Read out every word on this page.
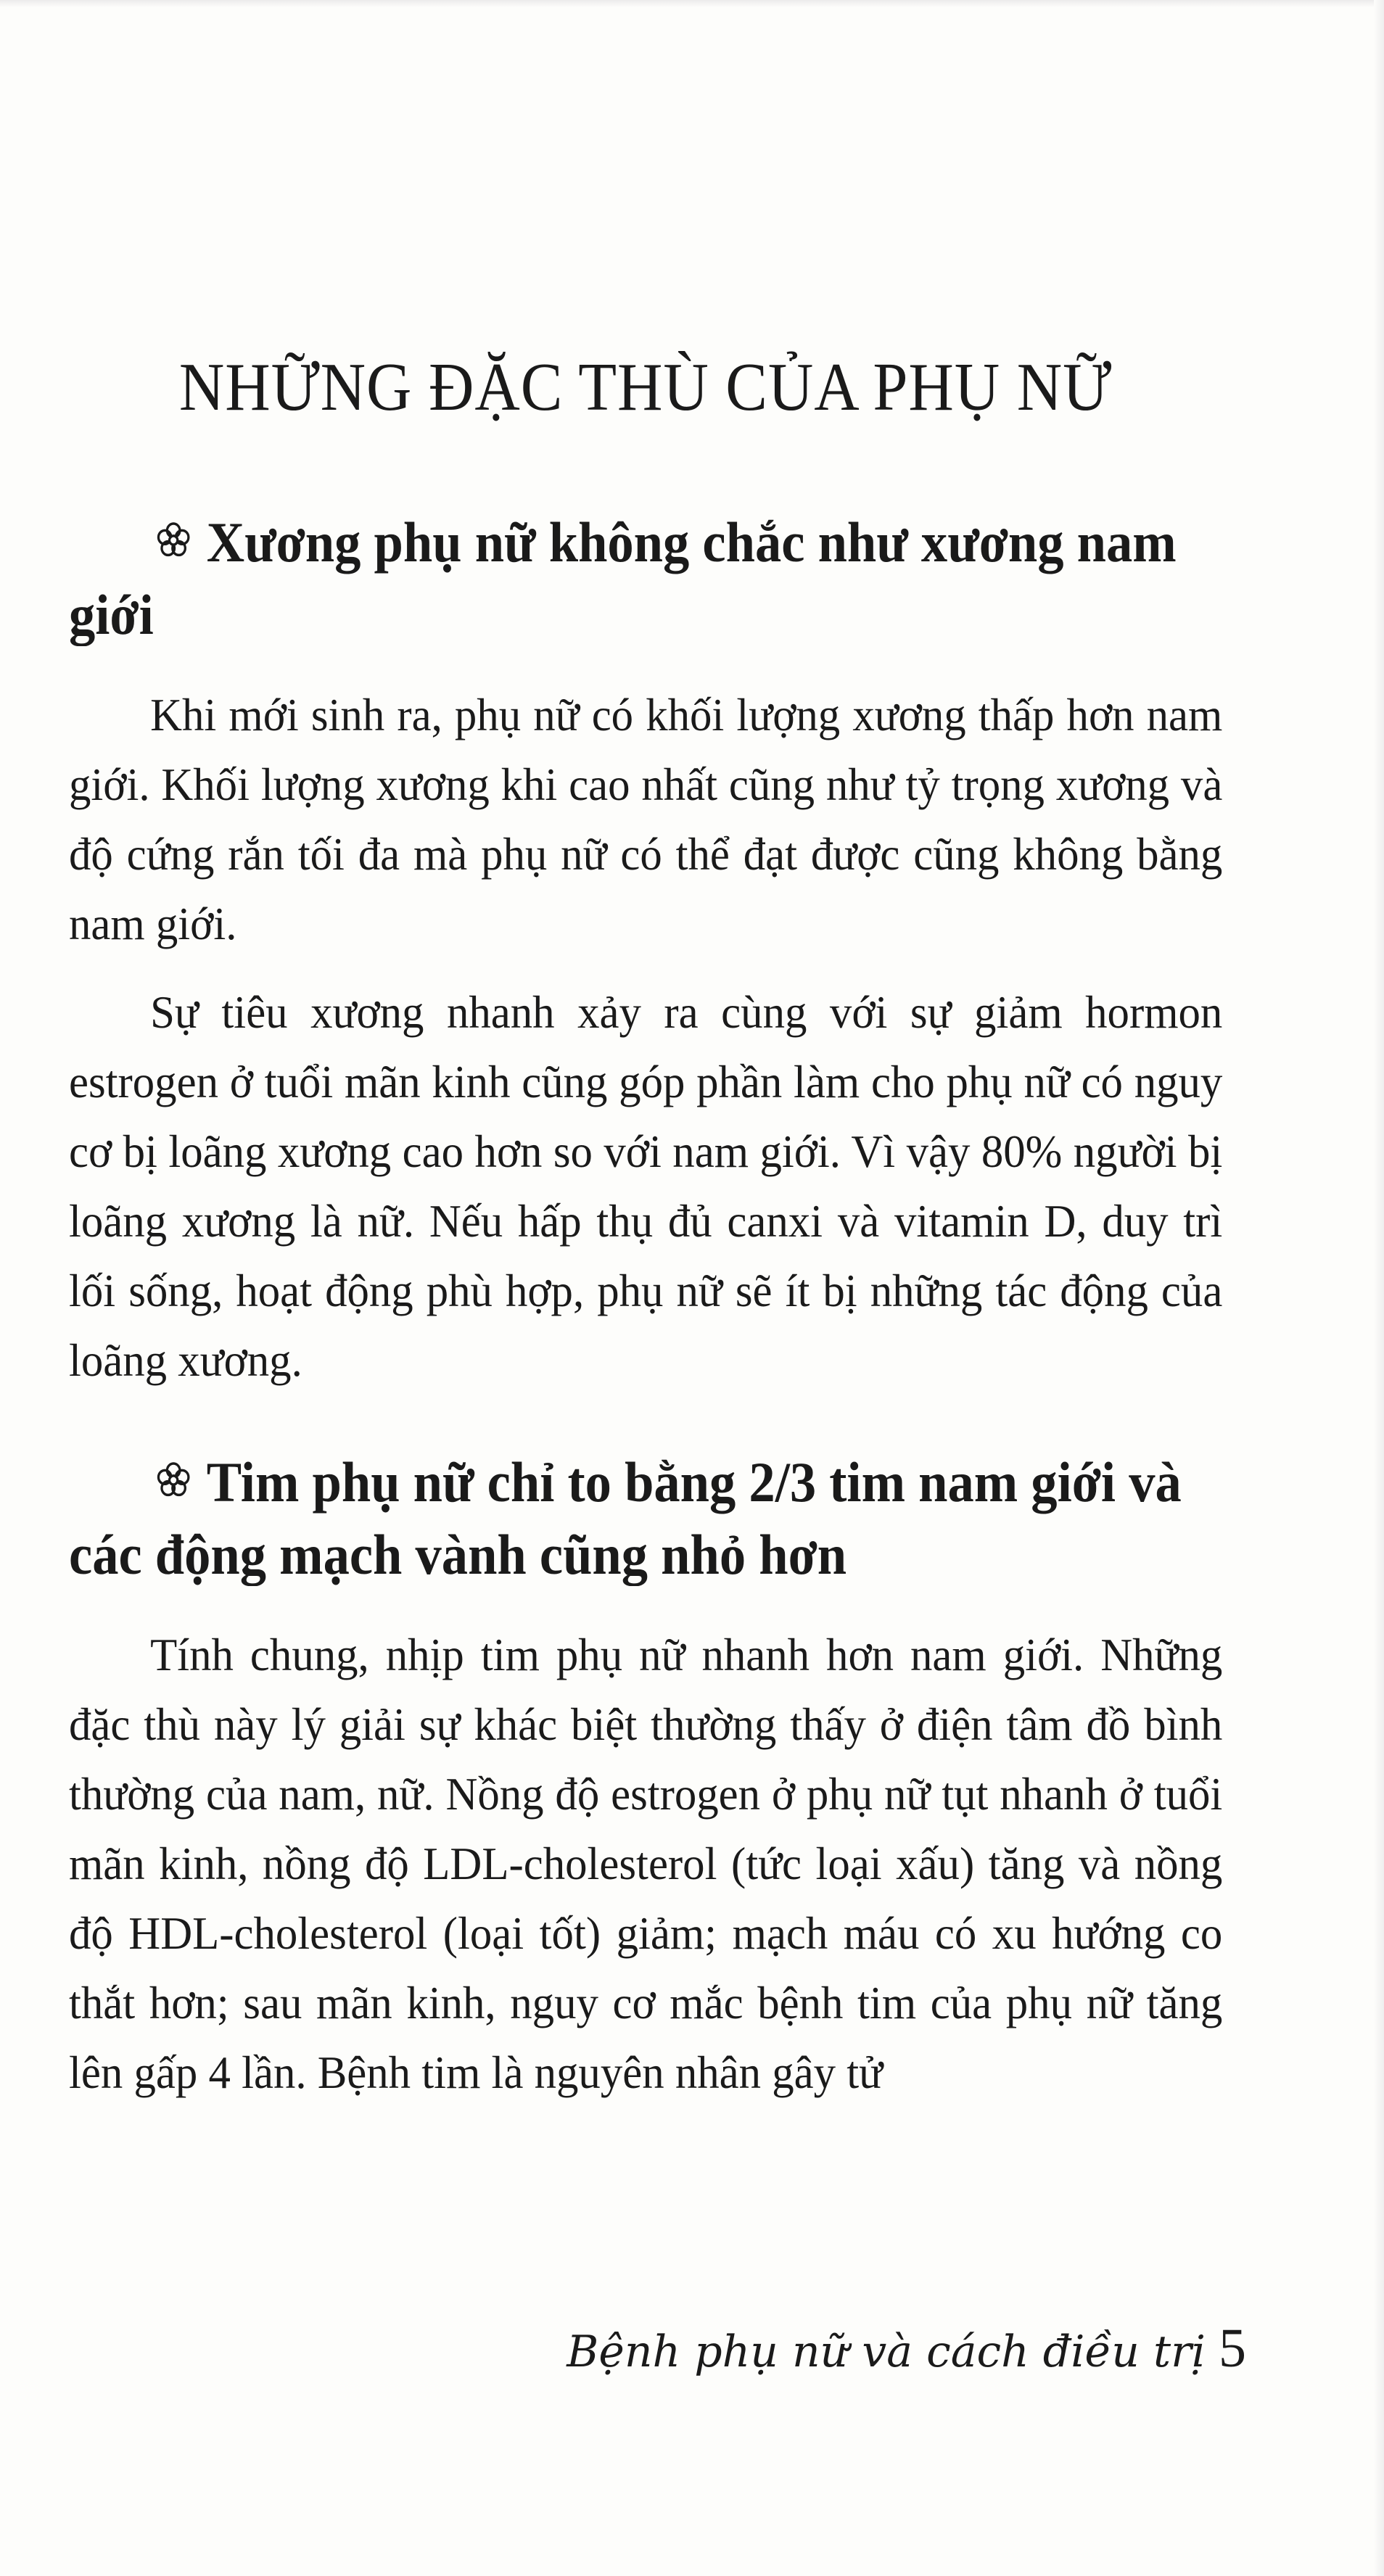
NHỮNG ĐẶC THÙ CỦA PHỤ NỮ
Xương phụ nữ không chắc như xương nam giới

Khi mới sinh ra, phụ nữ có khối lượng xương thấp hơn nam giới. Khối lượng xương khi cao nhất cũng như tỷ trọng xương và độ cứng rắn tối đa mà phụ nữ có thể đạt được cũng không bằng nam giới.

Sự tiêu xương nhanh xảy ra cùng với sự giảm hormon estrogen ở tuổi mãn kinh cũng góp phần làm cho phụ nữ có nguy cơ bị loãng xương cao hơn so với nam giới. Vì vậy 80% người bị loãng xương là nữ. Nếu hấp thụ đủ canxi và vitamin D, duy trì lối sống, hoạt động phù hợp, phụ nữ sẽ ít bị những tác động của loãng xương.

Tim phụ nữ chỉ to bằng 2/3 tim nam giới và các động mạch vành cũng nhỏ hơn

Tính chung, nhịp tim phụ nữ nhanh hơn nam giới. Những đặc thù này lý giải sự khác biệt thường thấy ở điện tâm đồ bình thường của nam, nữ. Nồng độ estrogen ở phụ nữ tụt nhanh ở tuổi mãn kinh, nồng độ LDL-cholesterol (tức loại xấu) tăng và nồng độ HDL-cholesterol (loại tốt) giảm; mạch máu có xu hướng co thắt hơn; sau mãn kinh, nguy cơ mắc bệnh tim của phụ nữ tăng lên gấp 4 lần. Bệnh tim là nguyên nhân gây tử

Bệnh phụ nữ và cách điều trị 5
